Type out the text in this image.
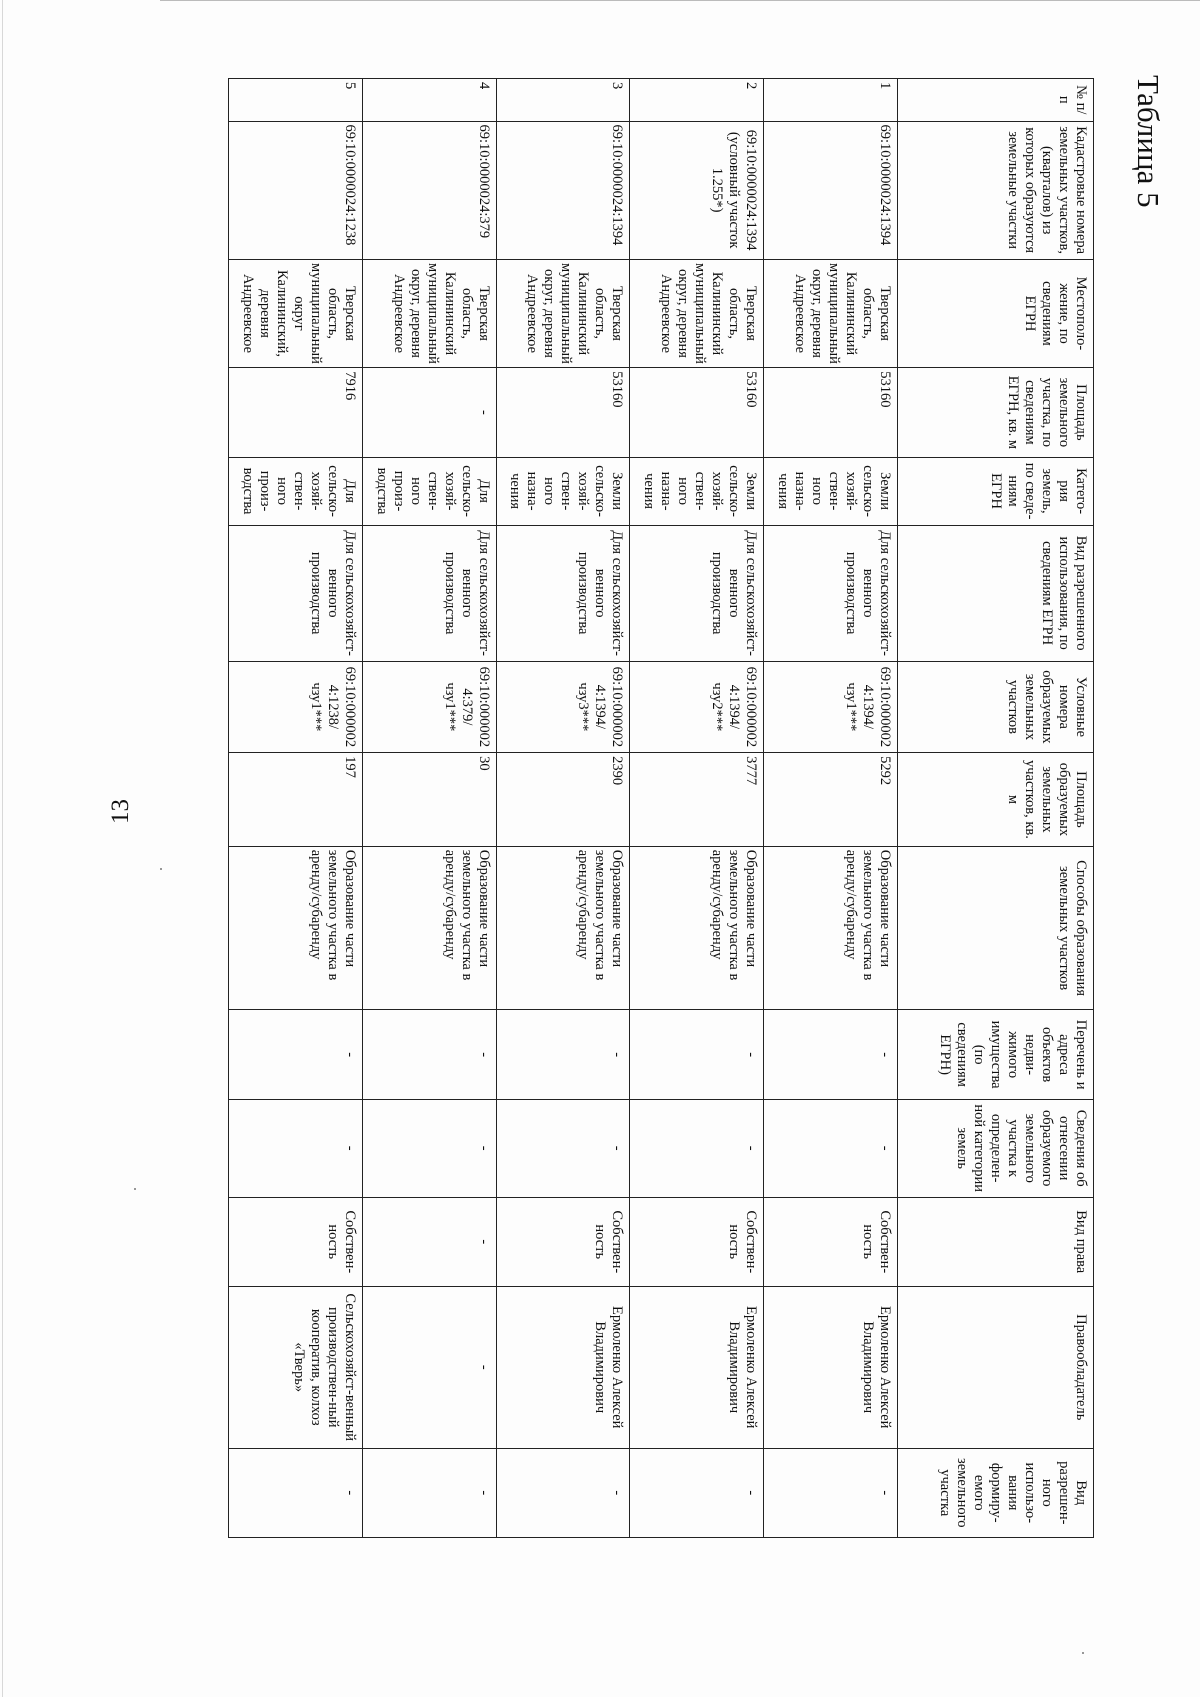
13
Таблица 5
№ п/п	Кадастровые номера земельных участков, (кварталов) из которых образуются земельные участки	Местополо-жение, по сведениям ЕГРН	Площадь земельного участка, по сведениям ЕГРН, кв. м	Катего-рия земель, по сведе-ниям ЕГРН	Вид разрешенного использования, по сведениям ЕГРН	Условные номера образуемых земельных участков	Площадь образуемых земельных участков, кв. м	Способы образования земельных участков	Перечень и адреса объектов недви-жимого имущества (по сведениям ЕГРН)	Сведения об отнесении образуемого земельного участка к определен-ной категории земель	Вид права	Правообладатель	Вид разрешен-ного использо-вания формиру-емого земельного участка
1	69:10:0000024:1394	Тверская область, Калининский муниципальный округ, деревня Андреевское	53160	Земли сельско-хозяй-ствен-ного назна-чения	Для сельскохозяйст-венного производства	69:10:0000024:1394/чзу1***	5292	Образование части земельного участка в аренду/субаренду	-	-	Собствен-ность	Ермоленко Алексей Владимирович	-
2	69:10:0000024:1394 (условный участок 1.255*)	Тверская область, Калининский муниципальный округ, деревня Андреевское	53160	Земли сельско-хозяй-ствен-ного назна-чения	Для сельскохозяйст-венного производства	69:10:0000024:1394/чзу2***	3777	Образование части земельного участка в аренду/субаренду	-	-	Собствен-ность	Ермоленко Алексей Владимирович	-
3	69:10:0000024:1394	Тверская область, Калининский муниципальный округ, деревня Андреевское	53160	Земли сельско-хозяй-ствен-ного назна-чения	Для сельскохозяйст-венного производства	69:10:0000024:1394/чзу3***	2390	Образование части земельного участка в аренду/субаренду	-	-	Собствен-ность	Ермоленко Алексей Владимирович	-
4	69:10:0000024:379	Тверская область, Калининский муниципальный округ, деревня Андреевское	-	Для сельско-хозяй-ствен-ного произ-водства	Для сельскохозяйст-венного производства	69:10:0000024:379/чзу1***	30	Образование части земельного участка в аренду/субаренду	-	-	-	-	-
5	69:10:0000024:1238	Тверская область, муниципальный округ Калининский, деревня Андреевское	7916	Для сельско-хозяй-ствен-ного произ-водства	Для сельскохозяйст-венного производства	69:10:0000024:1238/чзу1***	197	Образование части земельного участка в аренду/субаренду	-	-	Собствен-ность	Сельскохозяйст-венный производствен-ный кооператив, колхоз «Тверь»	-
